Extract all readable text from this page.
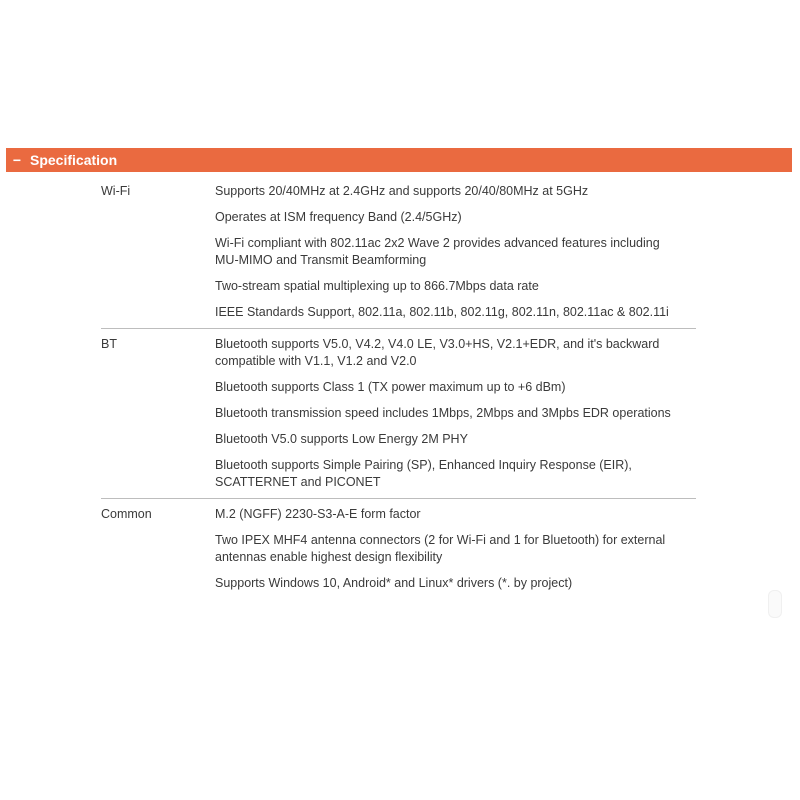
− Specification
Wi-Fi	Supports 20/40MHz at 2.4GHz and supports 20/40/80MHz at 5GHz
Operates at ISM frequency Band (2.4/5GHz)
Wi-Fi compliant with 802.11ac 2x2 Wave 2 provides advanced features including
MU-MIMO and Transmit Beamforming
Two-stream spatial multiplexing up to 866.7Mbps data rate
IEEE Standards Support, 802.11a, 802.11b, 802.11g, 802.11n, 802.11ac & 802.11i
BT	Bluetooth supports V5.0, V4.2, V4.0 LE, V3.0+HS, V2.1+EDR, and it's backward
compatible with V1.1, V1.2 and V2.0
Bluetooth supports Class 1 (TX power maximum up to +6 dBm)
Bluetooth transmission speed includes 1Mbps, 2Mbps and 3Mpbs EDR operations
Bluetooth V5.0 supports Low Energy 2M PHY
Bluetooth supports Simple Pairing (SP), Enhanced Inquiry Response (EIR),
SCATTERNET and PICONET
Common	M.2 (NGFF) 2230-S3-A-E form factor
Two IPEX MHF4 antenna connectors (2 for Wi-Fi and 1 for Bluetooth) for external
antennas enable highest design flexibility
Supports Windows 10, Android* and Linux* drivers (*. by project)
